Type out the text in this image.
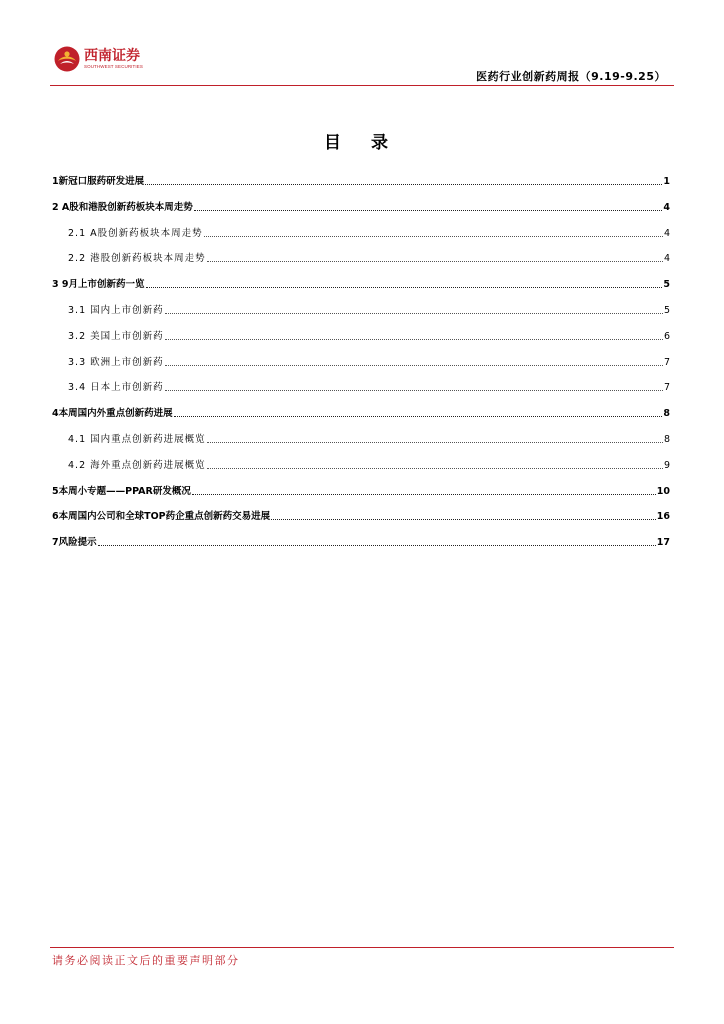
西南证券
SOUTHWEST SECURITIES
医药行业创新药周报（9.19-9.25）
目 录
1新冠口服药研发进展	1
2 A股和港股创新药板块本周走势	4
2.1 A股创新药板块本周走势	4
2.2 港股创新药板块本周走势	4
3 9月上市创新药一览	5
3.1 国内上市创新药	5
3.2 美国上市创新药	6
3.3 欧洲上市创新药	7
3.4 日本上市创新药	7
4本周国内外重点创新药进展	8
4.1 国内重点创新药进展概览	8
4.2 海外重点创新药进展概览	9
5本周小专题——PPAR研发概况	10
6本周国内公司和全球TOP药企重点创新药交易进展	16
7风险提示	17
请务必阅读正文后的重要声明部分
